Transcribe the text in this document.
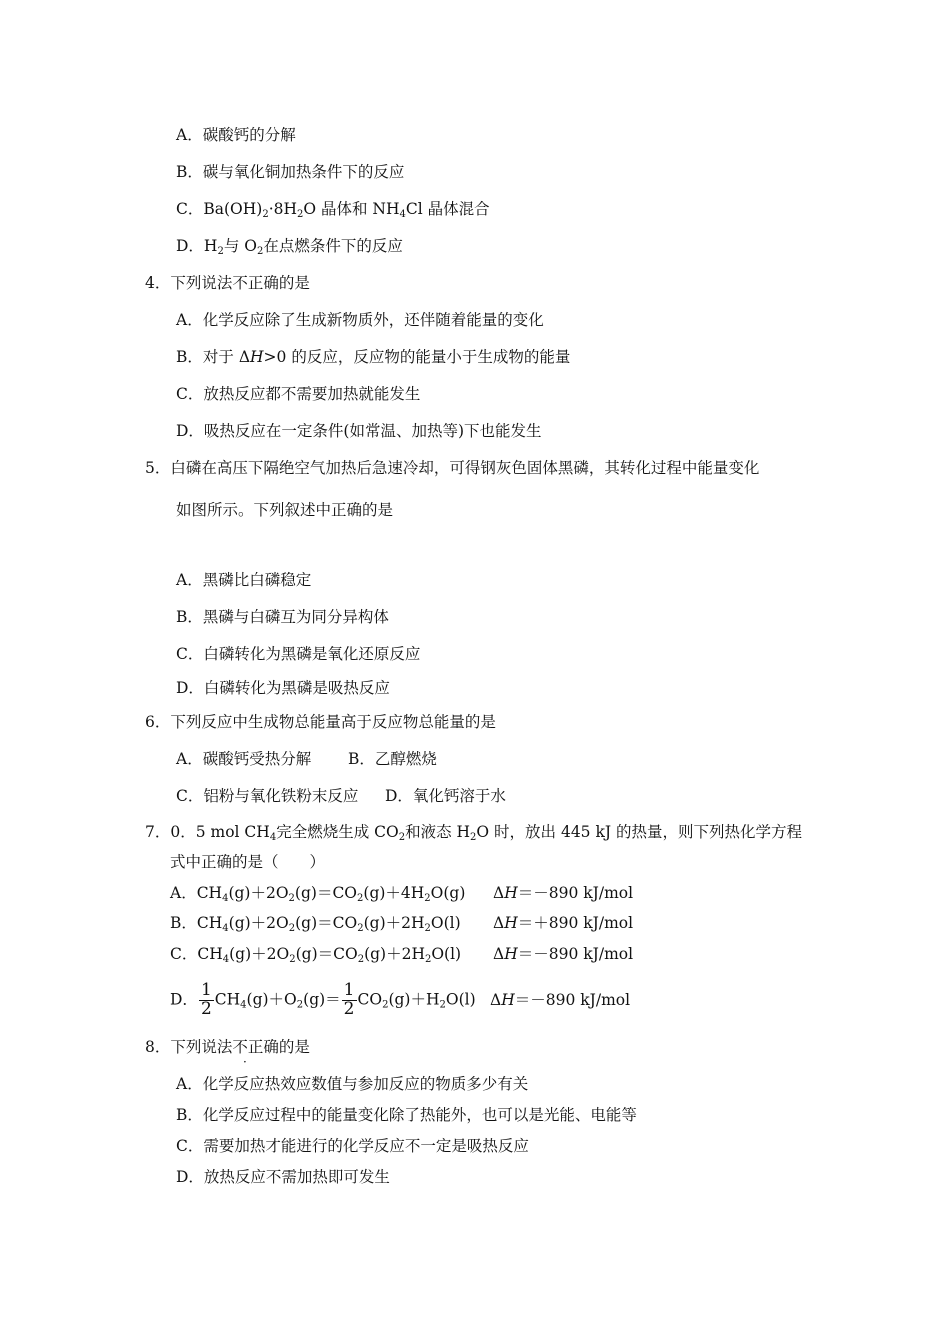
A．碳酸钙的分解
B．碳与氧化铜加热条件下的反应
C．$Ba(OH)_2\cdot 8H_2O$ 晶体和 $NH_4Cl$ 晶体混合
D．$H_2$与 $O_2$在点燃条件下的反应
4．下列说法不正确的是
A．化学反应除了生成新物质外，还伴随着能量的变化
B．对于 ΔH>0 的反应，反应物的能量小于生成物的能量
C．放热反应都不需要加热就能发生
D．吸热反应在一定条件(如常温、加热等)下也能发生
5．白磷在高压下隔绝空气加热后急速冷却，可得钢灰色固体黑磷，其转化过程中能量变化
如图所示。下列叙述中正确的是
A．黑磷比白磷稳定
B．黑磷与白磷互为同分异构体
C．白磷转化为黑磷是氧化还原反应
D．白磷转化为黑磷是吸热反应
6．下列反应中生成物总能量高于反应物总能量的是
A．碳酸钙受热分解 B．乙醇燃烧
C．铝粉与氧化铁粉末反应 D．氧化钙溶于水
7．0．5 mol $CH_4$完全燃烧生成 $CO_2$和液态 $H_2O$ 时，放出 445 kJ 的热量，则下列热化学方程
式中正确的是（　　）
A．$CH_4(g)+2O_2(g)=CO_2(g)+4H_2O(g)$ ΔH＝－890 kJ/mol
B．$CH_4(g)+2O_2(g)=CO_2(g)+2H_2O(l)$ ΔH＝＋890 kJ/mol
C．$CH_4(g)+2O_2(g)=CO_2(g)+2H_2O(l)$ ΔH＝－890 kJ/mol
D． $\frac{1}{2} CH_4(g)+O_2(g)= \frac{1}{2} CO_2(g)+H_2O(l)$ ΔH＝－890 kJ/mol
8．下列说法不正确的是
·
A．化学反应热效应数值与参加反应的物质多少有关
B．化学反应过程中的能量变化除了热能外，也可以是光能、电能等
C．需要加热才能进行的化学反应不一定是吸热反应
D．放热反应不需加热即可发生
